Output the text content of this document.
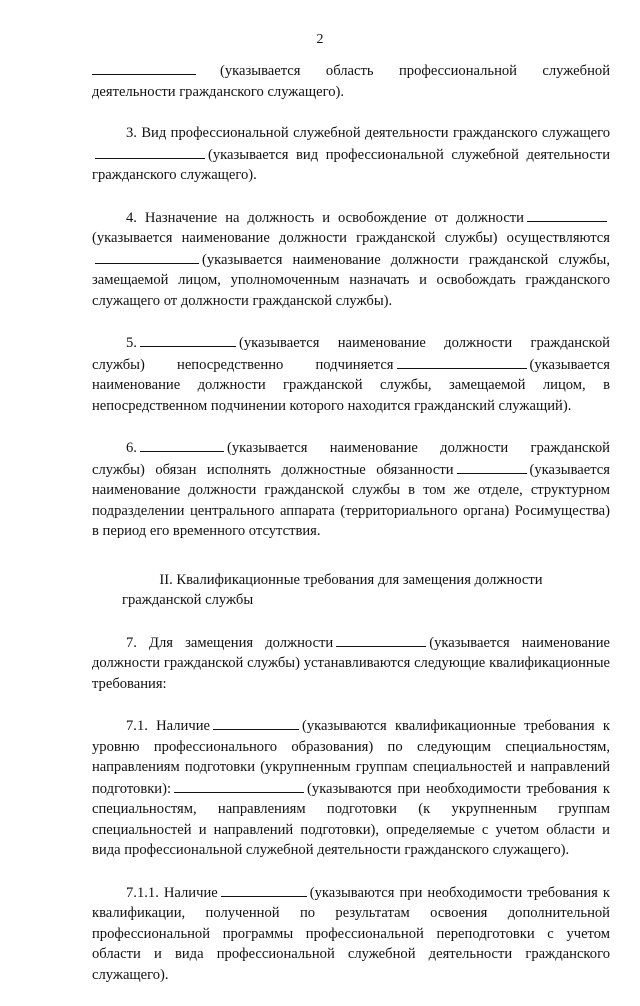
2

(указывается область профессиональной служебной деятельности гражданского служащего).

3. Вид профессиональной служебной деятельности гражданского служащего(указывается вид профессиональной служебной деятельности гражданского служащего).

4. Назначение на должность и освобождение от должности(указывается наименование должности гражданской службы) осуществляются(указывается наименование должности гражданской службы, замещаемой лицом, уполномоченным назначать и освобождать гражданского служащего от должности гражданской службы).

5.	(указывается наименование должности гражданской службы) непосредственно подчиняется	(указывается наименование должности гражданской службы, замещаемой лицом, в непосредственном подчинении которого находится гражданский служащий).

6.	(указывается наименование должности гражданской службы) обязан исполнять должностные обязанности	(указывается наименование должности гражданской службы в том же отделе, структурном подразделении центрального аппарата (территориального органа) Росимущества) в период его временного отсутствия.

II. Квалификационные требования для замещения должности гражданской службы

7. Для замещения должности	(указывается наименование должности гражданской службы) устанавливаются следующие квалификационные требования:

7.1. Наличие	(указываются квалификационные требования к уровню профессионального образования) по следующим специальностям, направлениям подготовки (укрупненным группам специальностей и направлений подготовки):	(указываются при необходимости требования к специальностям, направлениям подготовки (к укрупненным группам специальностей и направлений подготовки), определяемые с учетом области и вида профессиональной служебной деятельности гражданского служащего).

7.1.1. Наличие	(указываются при необходимости требования к квалификации, полученной по результатам освоения дополнительной профессиональной программы профессиональной переподготовки с учетом области и вида профессиональной служебной деятельности гражданского служащего).
